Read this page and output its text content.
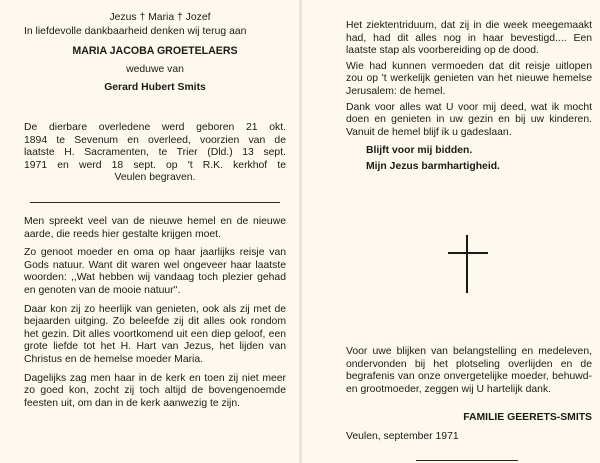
Jezus † Maria † Jozef

In liefdevolle dankbaarheid denken wij terug aan

MARIA JACOBA GROETELAERS

weduwe van

Gerard Hubert Smits

De dierbare overledene werd geboren 21 okt.

1894 te Sevenum en overleed, voorzien van de

laatste H. Sacramenten, te Trier (Dld.) 13 sept.

1971 en werd 18 sept. op 't R.K. kerkhof te

Veulen begraven.

Men spreekt veel van de nieuwe hemel en de nieuwe aarde, die reeds hier gestalte krijgen moet.

Zo genoot moeder en oma op haar jaarlijks reisje van Gods natuur. Want dit waren wel ongeveer haar laatste woorden: ,,Wat hebben wij vandaag toch plezier gehad en genoten van de mooie natuur''.

Daar kon zij zo heerlijk van genieten, ook als zij met de bejaarden uitging. Zo beleefde zij dit alles ook rondom het gezin. Dit alles voortkomend uit een diep geloof, een grote liefde tot het H. Hart van Jezus, het lijden van Christus en de hemelse moeder Maria.

Dagelijks zag men haar in de kerk en toen zij niet meer zo goed kon, zocht zij toch altijd de bovengenoemde feesten uit, om dan in de kerk aanwezig te zijn.

Het ziektentriduum, dat zij in die week meegemaakt had, had dit alles nog in haar bevestigd.... Een laatste stap als voorbereiding op de dood.

Wie had kunnen vermoeden dat dit reisje uitlopen zou op 't werkelijk genieten van het nieuwe hemelse Jerusalem: de hemel.

Dank voor alles wat U voor mij deed, wat ik mocht doen en genieten in uw gezin en bij uw kinderen. Vanuit de hemel blijf ik u gadeslaan.

Blijft voor mij bidden.

Mijn Jezus barmhartigheid.

Voor uwe blijken van belangstelling en medeleven, ondervonden bij het plotseling overlijden en de begrafenis van onze onvergetelijke moeder, behuwd- en grootmoeder, zeggen wij U hartelijk dank.

FAMILIE GEERETS-SMITS

Veulen, september 1971
